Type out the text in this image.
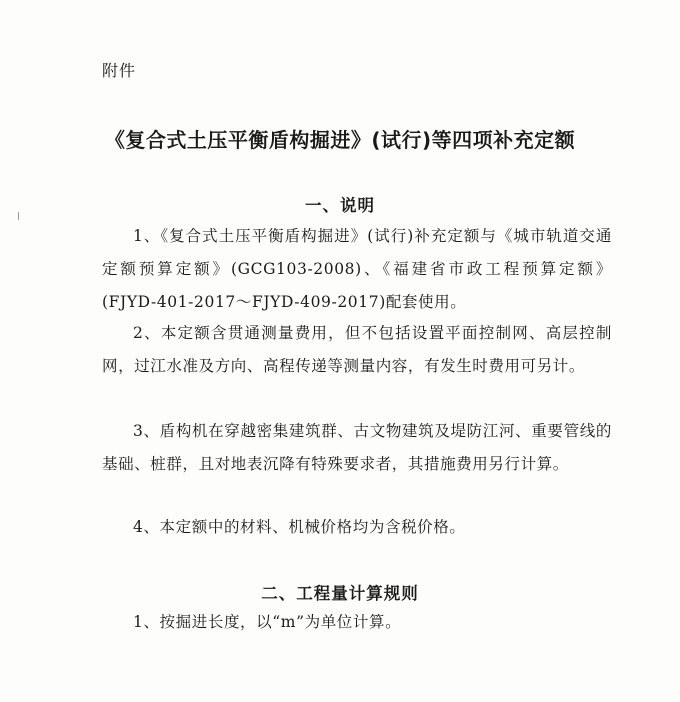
附件
《复合式土压平衡盾构掘进》(试行)等四项补充定额
一、说明
1、《复合式土压平衡盾构掘进》(试行)补充定额与《城市轨道交通定额预算定额》(GCG103-2008)、《福建省市政工程预算定额》(FJYD-401-2017～FJYD-409-2017)配套使用。
2、本定额含贯通测量费用，但不包括设置平面控制网、高层控制网，过江水准及方向、高程传递等测量内容，有发生时费用可另计。
3、盾构机在穿越密集建筑群、古文物建筑及堤防江河、重要管线的基础、桩群，且对地表沉降有特殊要求者，其措施费用另行计算。
4、本定额中的材料、机械价格均为含税价格。
二、工程量计算规则
1、按掘进长度，以“m”为单位计算。
